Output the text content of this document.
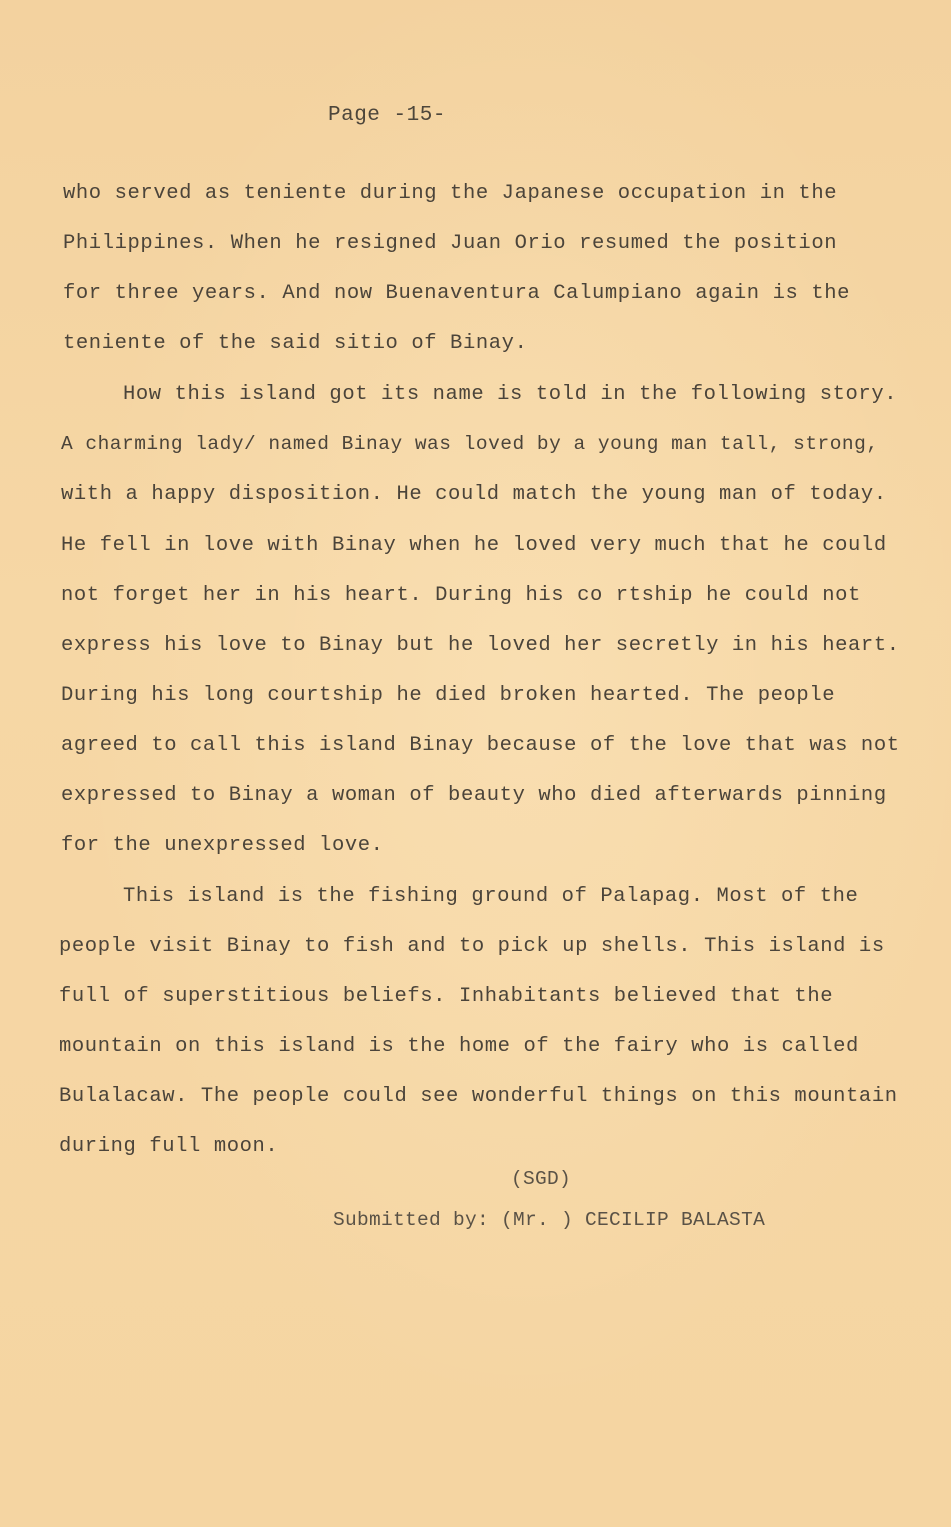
Page -15-
who served as teniente during the Japanese occupation in the
Philippines. When he resigned Juan Orio resumed the position
for three years. And now Buenaventura Calumpiano again is the
teniente of the said sitio of Binay.
How this island got its name is told in the following story.
A charming lady/ named Binay was loved by a young man tall, strong,
with a happy disposition. He could match the young man of today.
He fell in love with Binay when he loved very much that he could
not forget her in his heart. During his co rtship he could not
express his love to Binay but he loved her secretly in his heart.
During his long courtship he died broken hearted. The people
agreed to call this island Binay because of the love that was not
expressed to Binay a woman of beauty who died afterwards pinning
for the unexpressed love.
This island is the fishing ground of Palapag. Most of the
people visit Binay to fish and to pick up shells. This island is
full of superstitious beliefs. Inhabitants believed that the
mountain on this island is the home of the fairy who is called
Bulalacaw. The people could see wonderful things on this mountain
during full moon.
(SGD)
Submitted by: (Mr. ) CECILIP BALASTA
